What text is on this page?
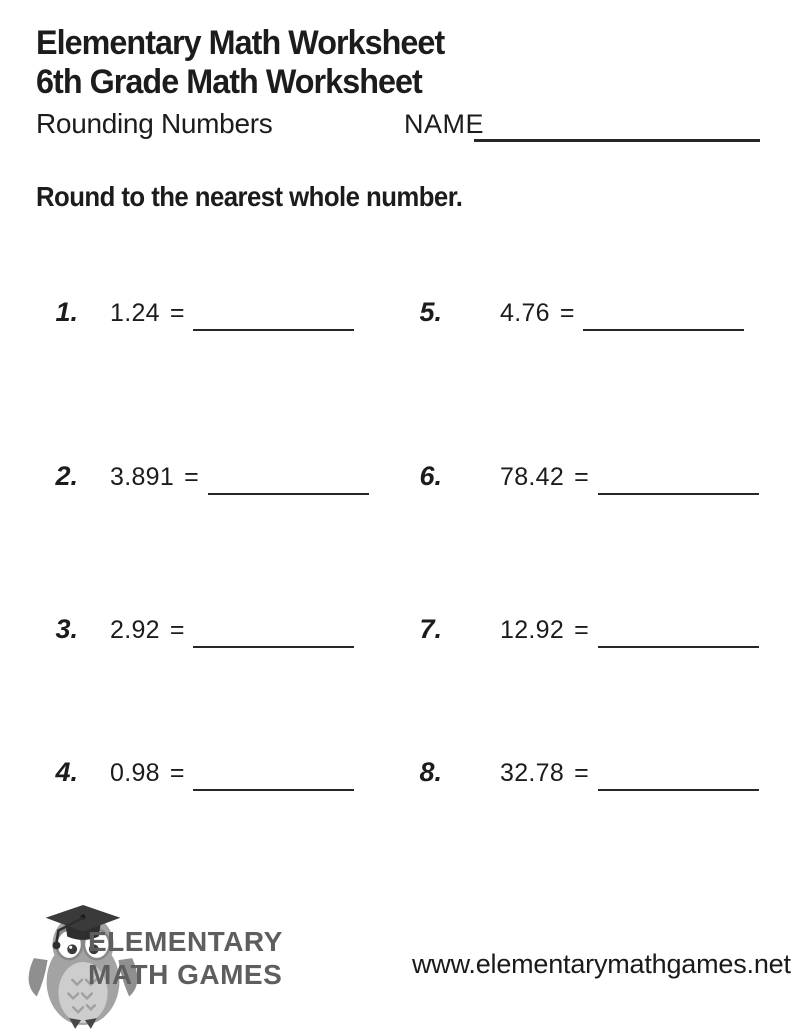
Elementary Math Worksheet
6th Grade Math Worksheet
Rounding Numbers	NAME
Round to the nearest whole number.
1. 1.24 =
2. 3.891 =
3. 2.92 =
4. 0.98 =
5. 4.76 =
6. 78.42 =
7. 12.92 =
8. 32.78 =
ELEMENTARY
MATH GAMES	www.elementarymathgames.net
